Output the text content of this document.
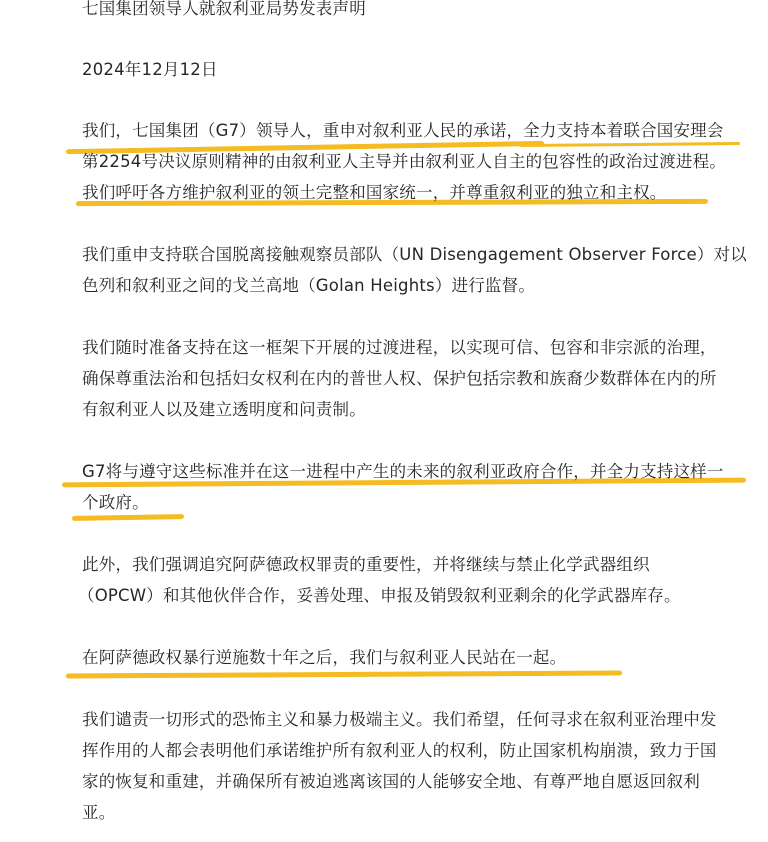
七国集团领导人就叙利亚局势发表声明
2024年12月12日
我们，七国集团（G7）领导人，重申对叙利亚人民的承诺，全力支持本着联合国安理会
第2254号决议原则精神的由叙利亚人主导并由叙利亚人自主的包容性的政治过渡进程。
我们呼吁各方维护叙利亚的领土完整和国家统一，并尊重叙利亚的独立和主权。
我们重申支持联合国脱离接触观察员部队（UN Disengagement Observer Force）对以
色列和叙利亚之间的戈兰高地（Golan Heights）进行监督。
我们随时准备支持在这一框架下开展的过渡进程，以实现可信、包容和非宗派的治理，
确保尊重法治和包括妇女权利在内的普世人权、保护包括宗教和族裔少数群体在内的所
有叙利亚人以及建立透明度和问责制。
G7将与遵守这些标准并在这一进程中产生的未来的叙利亚政府合作，并全力支持这样一
个政府。
此外，我们强调追究阿萨德政权罪责的重要性，并将继续与禁止化学武器组织
（OPCW）和其他伙伴合作，妥善处理、申报及销毁叙利亚剩余的化学武器库存。
在阿萨德政权暴行逆施数十年之后，我们与叙利亚人民站在一起。
我们谴责一切形式的恐怖主义和暴力极端主义。我们希望，任何寻求在叙利亚治理中发
挥作用的人都会表明他们承诺维护所有叙利亚人的权利，防止国家机构崩溃，致力于国
家的恢复和重建，并确保所有被迫逃离该国的人能够安全地、有尊严地自愿返回叙利
亚。
